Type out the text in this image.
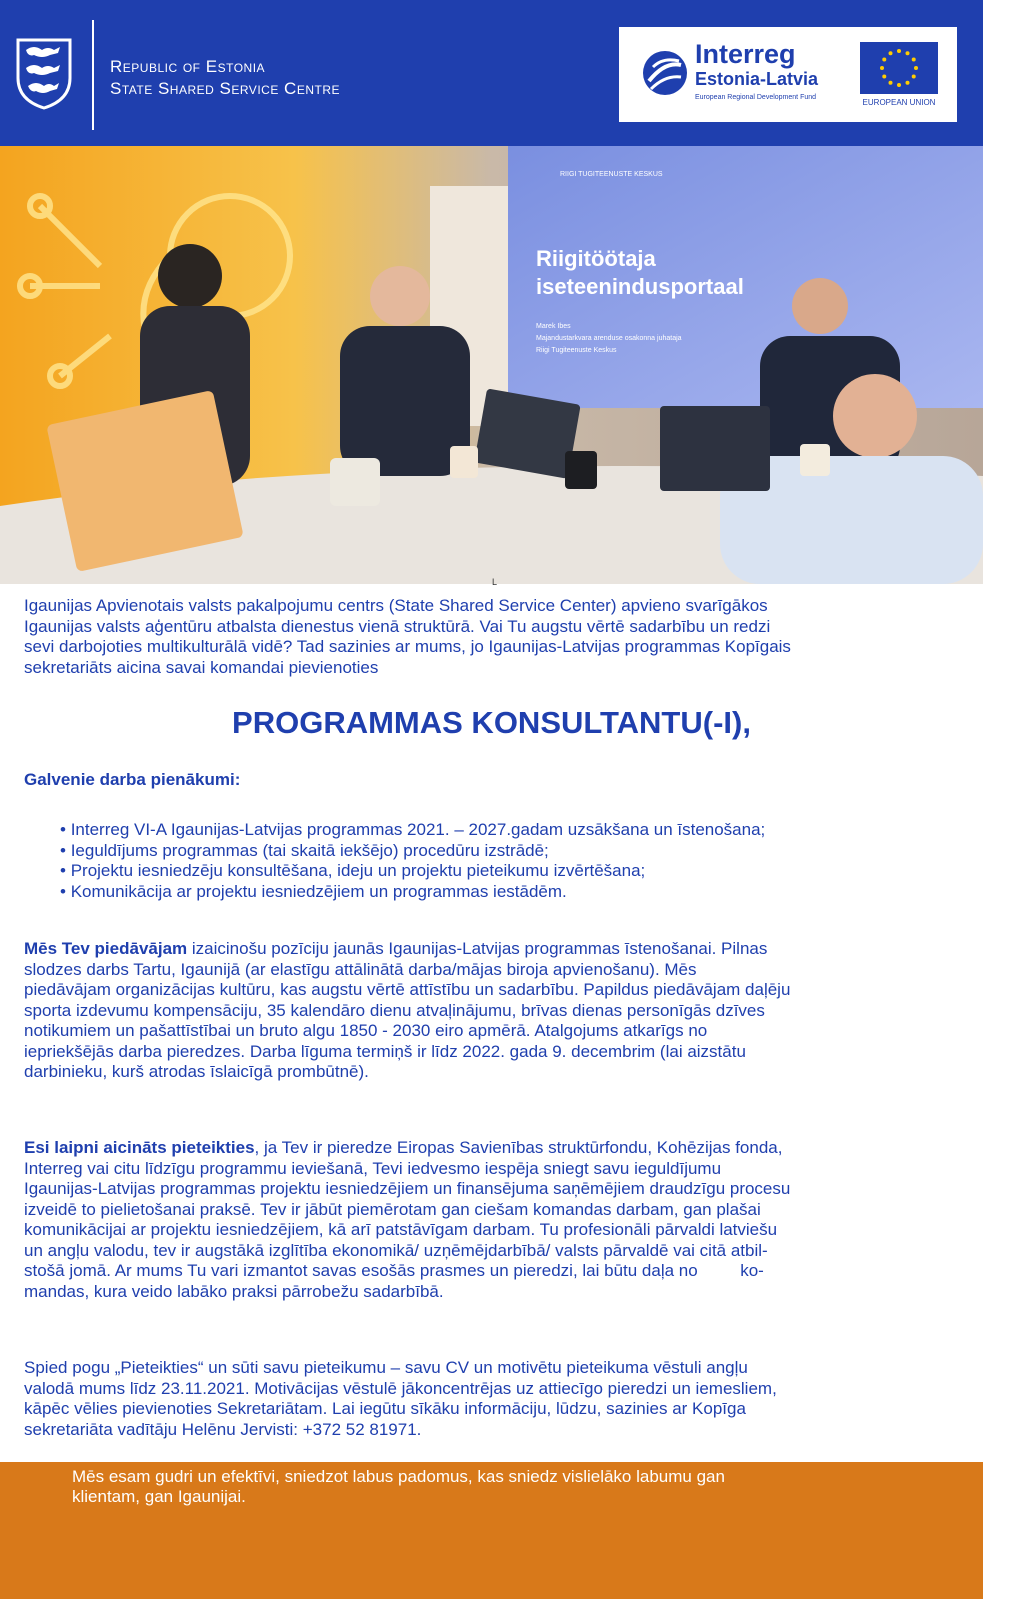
Republic of Estonia
State Shared Service Centre
Interreg
Estonia-Latvia
European Regional Development Fund
EUROPEAN UNION
RIIGI TUGITEENUSTE KESKUS
Riigitöötaja
iseteenindusportaal
Marek Ibes
Majandustarkvara arenduse osakonna juhataja
Riigi Tugiteenuste Keskus
Igaunijas Apvienotais valsts pakalpojumu centrs (State Shared Service Center) apvieno svarīgākos
Igaunijas valsts aģentūru atbalsta dienestus vienā struktūrā. Vai Tu augstu vērtē sadarbību un redzi
sevi darbojoties multikulturālā vidē? Tad sazinies ar mums, jo Igaunijas-Latvijas programmas Kopīgais
sekretariāts aicina savai komandai pievienoties
L
PROGRAMMAS KONSULTANTU(-I),
Galvenie darba pienākumi:
• Interreg VI-A Igaunijas-Latvijas programmas 2021. – 2027.gadam uzsākšana un īstenošana;
• Ieguldījums programmas (tai skaitā iekšējo) procedūru izstrādē;
• Projektu iesniedzēju konsultēšana, ideju un projektu pieteikumu izvērtēšana;
• Komunikācija ar projektu iesniedzējiem un programmas iestādēm.
Mēs Tev piedāvājam izaicinošu pozīciju jaunās Igaunijas-Latvijas programmas īstenošanai. Pilnas
slodzes darbs Tartu, Igaunijā (ar elastīgu attālinātā darba/mājas biroja apvienošanu). Mēs
piedāvājam organizācijas kultūru, kas augstu vērtē attīstību un sadarbību. Papildus piedāvājam daļēju
sporta izdevumu kompensāciju, 35 kalendāro dienu atvaļinājumu, brīvas dienas personīgās dzīves
notikumiem un pašattīstībai un bruto algu 1850 - 2030 eiro apmērā. Atalgojums atkarīgs no
iepriekšējās darba pieredzes. Darba līguma termiņš ir līdz 2022. gada 9. decembrim (lai aizstātu
darbinieku, kurš atrodas īslaicīgā prombūtnē).
Esi laipni aicināts pieteikties, ja Tev ir pieredze Eiropas Savienības struktūrfondu, Kohēzijas fonda,
Interreg vai citu līdzīgu programmu ieviešanā, Tevi iedvesmo iespēja sniegt savu ieguldījumu
Igaunijas-Latvijas programmas projektu iesniedzējiem un finansējuma saņēmējiem draudzīgu procesu
izveidē to pielietošanai praksē. Tev ir jābūt piemērotam gan ciešam komandas darbam, gan plašai
komunikācijai ar projektu iesniedzējiem, kā arī patstāvīgam darbam. Tu profesionāli pārvaldi latviešu
un angļu valodu, tev ir augstākā izglītība ekonomikā/ uzņēmējdarbībā/ valsts pārvaldē vai citā atbil-
stošā jomā. Ar mums Tu vari izmantot savas esošās prasmes un pieredzi, lai būtu daļa no         ko-
mandas, kura veido labāko praksi pārrobežu sadarbībā.
Spied pogu „Pieteikties“ un sūti savu pieteikumu – savu CV un motivētu pieteikuma vēstuli angļu
valodā mums līdz 23.11.2021. Motivācijas vēstulē jākoncentrējas uz attiecīgo pieredzi un iemesliem,
kāpēc vēlies pievienoties Sekretariātam. Lai iegūtu sīkāku informāciju, lūdzu, sazinies ar Kopīga
sekretariāta vadītāju Helēnu Jervisti: +372 52 81971.
Mēs esam gudri un efektīvi, sniedzot labus padomus, kas sniedz vislielāko labumu gan
klientam, gan Igaunijai.
